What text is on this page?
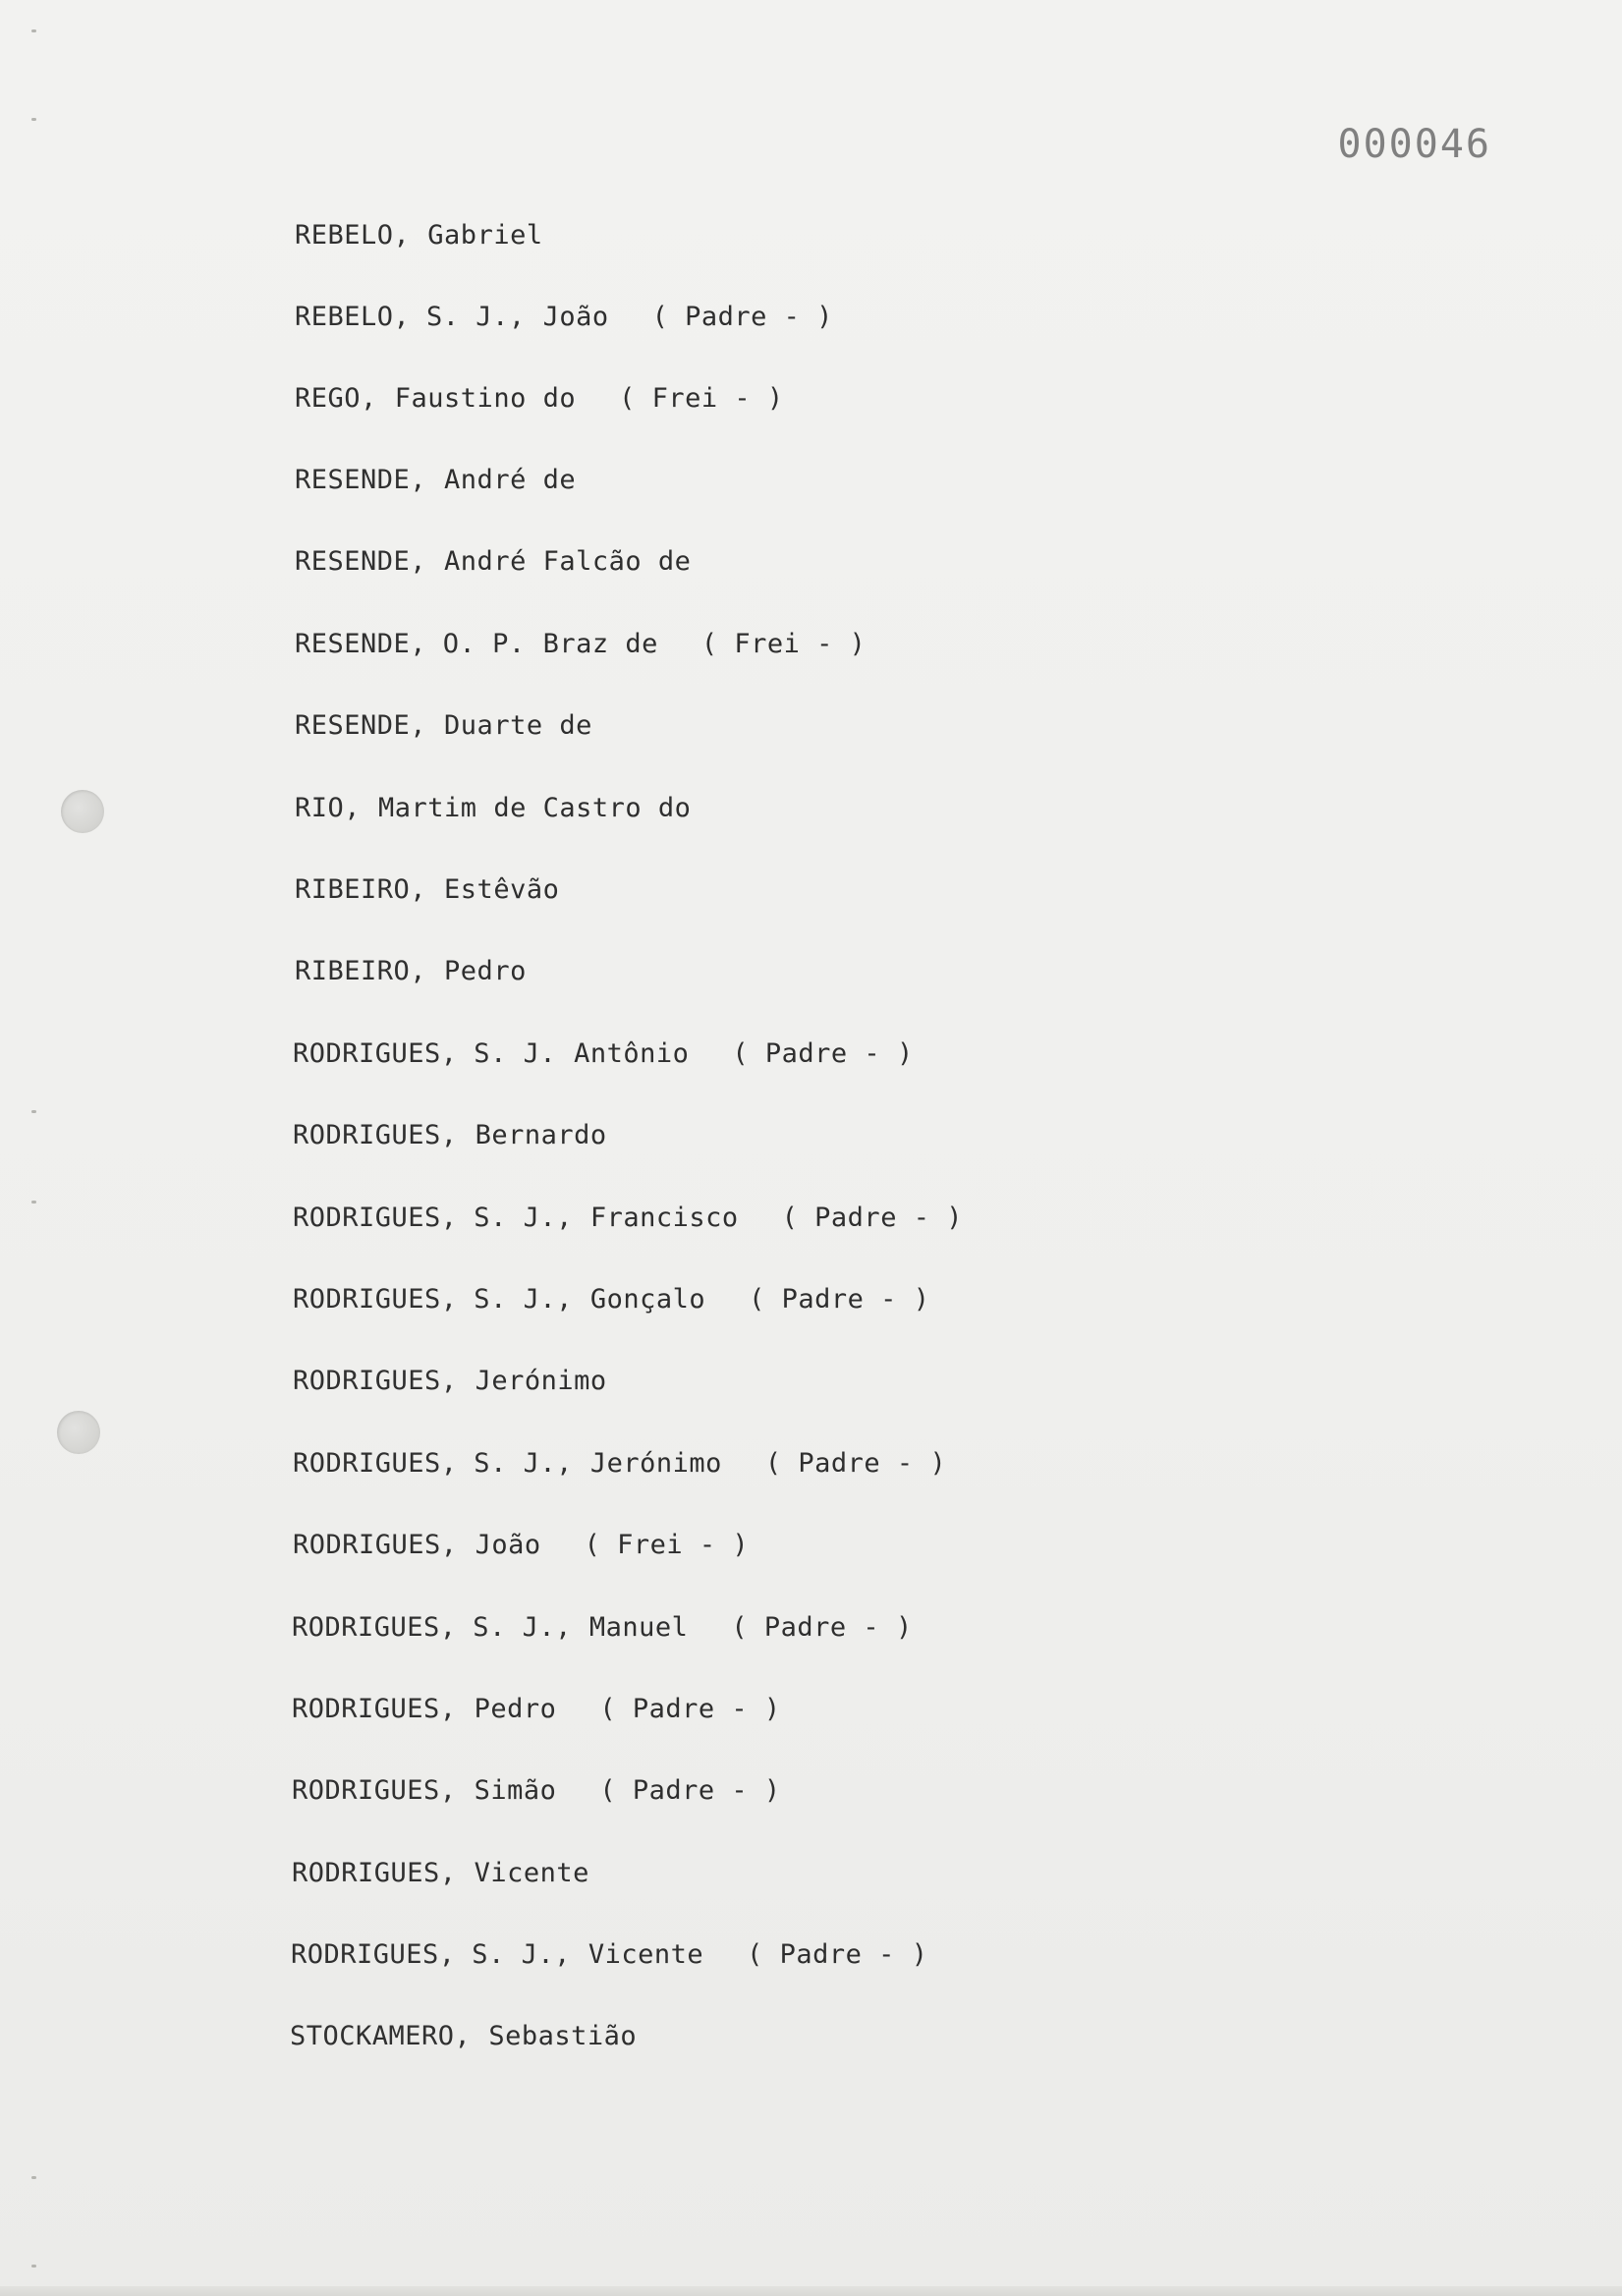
000046
REBELO, Gabriel
REBELO, S. J., João ( Padre - )
REGO, Faustino do ( Frei - )
RESENDE, André de
RESENDE, André Falcão de
RESENDE, O. P. Braz de ( Frei - )
RESENDE, Duarte de
RIO, Martim de Castro do
RIBEIRO, Estêvão
RIBEIRO, Pedro
RODRIGUES, S. J. Antônio ( Padre - )
RODRIGUES, Bernardo
RODRIGUES, S. J., Francisco ( Padre - )
RODRIGUES, S. J., Gonçalo ( Padre - )
RODRIGUES, Jerónimo
RODRIGUES, S. J., Jerónimo ( Padre - )
RODRIGUES, João ( Frei - )
RODRIGUES, S. J., Manuel ( Padre - )
RODRIGUES, Pedro ( Padre - )
RODRIGUES, Simão ( Padre - )
RODRIGUES, Vicente
RODRIGUES, S. J., Vicente ( Padre - )
STOCKAMERO, Sebastião
